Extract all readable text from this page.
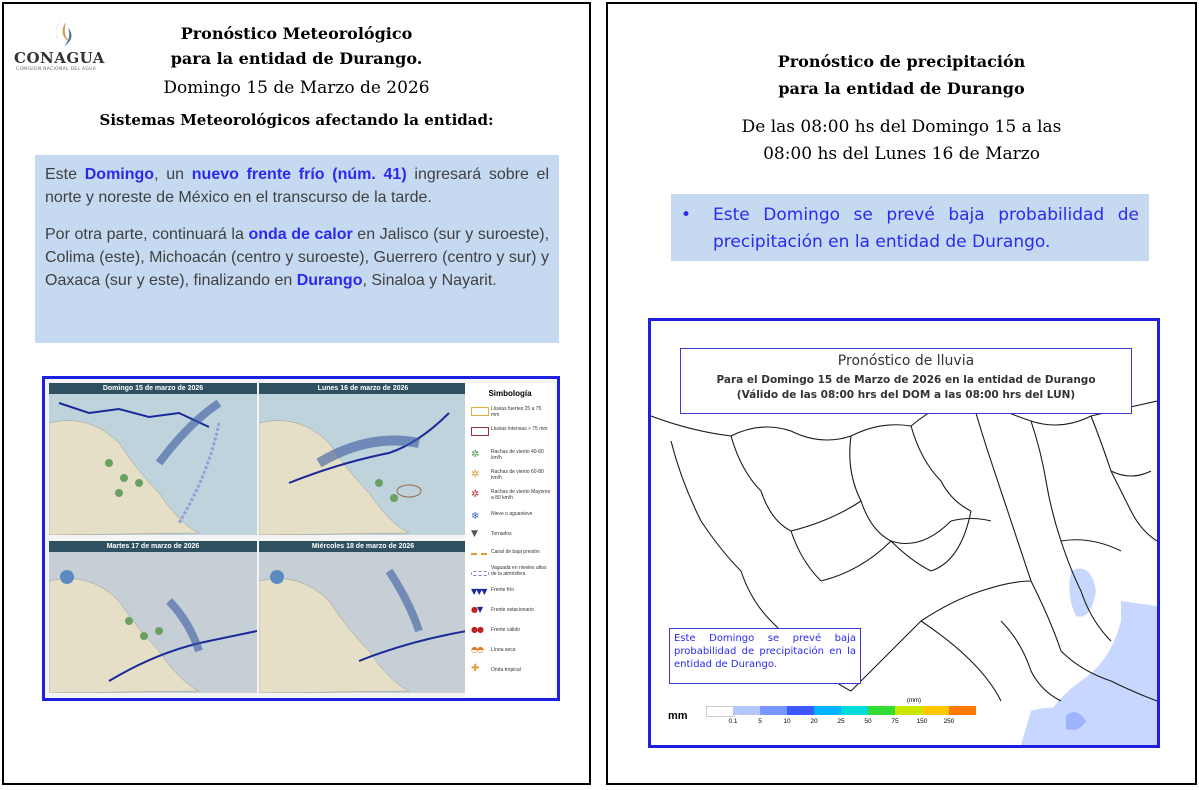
CONAGUA
COMISIÓN NACIONAL DEL AGUA
Pronóstico Meteorológico
para la entidad de Durango.
Domingo 15 de Marzo de 2026
Sistemas Meteorológicos afectando la entidad:

Este Domingo, un nuevo frente frío (núm. 41) ingresará sobre el norte y noreste de México en el transcurso de la tarde.

Por otra parte, continuará la onda de calor en Jalisco (sur y suroeste), Colima (este), Michoacán (centro y suroeste), Guerrero (centro y sur) y Oaxaca (sur y este), finalizando en Durango, Sinaloa y Nayarit.

Domingo 15 de marzo de 2026	Lunes 16 de marzo de 2026
Martes 17 de marzo de 2026	Miércoles 18 de marzo de 2026
Simbología
Lluvias fuertes 25 a 75 mm
Lluvias intensas > 75 mm
✲	Rachas de viento 40-60 km/h
✲	Rachas de viento 60-80 km/h
✲	Rachas de viento Mayores a 80 km/h
❄	Nieve o aguanieve
▼	Tornados
Canal de baja presión
Vaguada en niveles altos de la atmósfera
▼▼▼ Frente frío
●▼	Frente estacionario
●●	Frente cálido
◓◓	Línea seca
✚	Onda tropical
Pronóstico de precipitación
para la entidad de Durango
De las 08:00 hs del Domingo 15 a las
08:00 hs del Lunes 16 de Marzo
• Este Domingo se prevé baja probabilidad de precipitación en la entidad de Durango.
Pronóstico de lluvia
Para el Domingo 15 de Marzo de 2026 en la entidad de Durango
(Válido de las 08:00 hrs del DOM a las 08:00 hrs del LUN)
Este Domingo se prevé baja probabilidad de precipitación en la entidad de Durango.
mm
(mm)
0.1	5	10	20	25	50	75	150	250
